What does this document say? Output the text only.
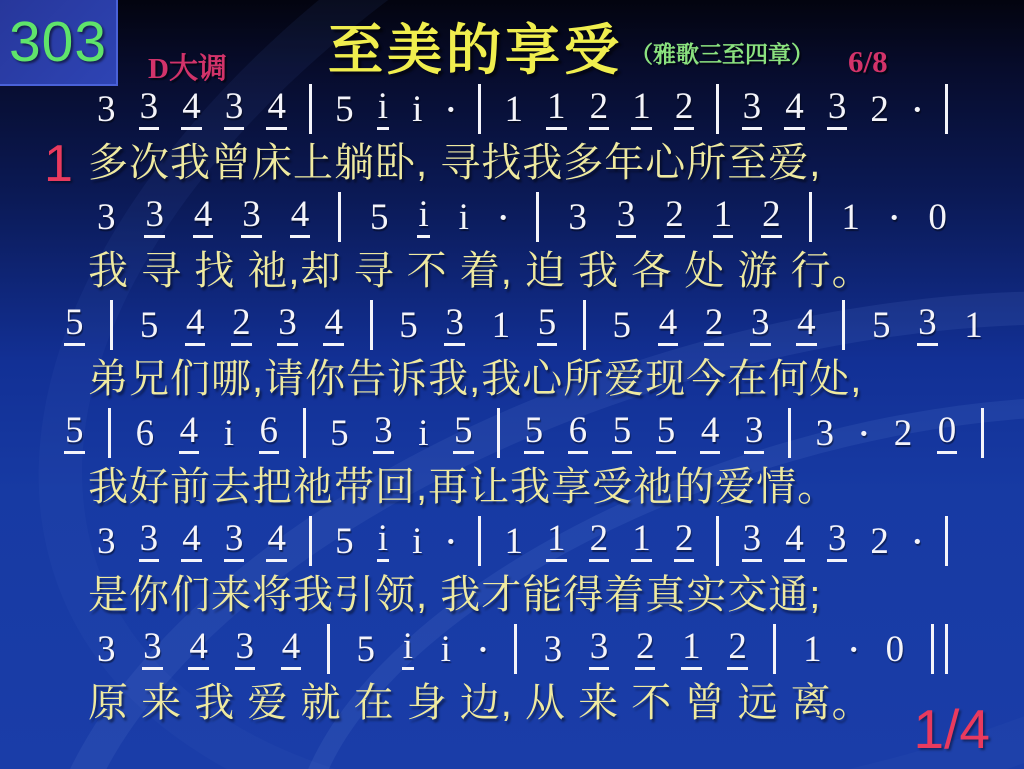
303 D大调 至美的享受 （雅歌三至四章） 6/8
1
3 3 4 3 4 5 i i · 1 1 2 1 2 3 4 3 2 ·
多次我曾床上躺卧, 寻找我多年心所至爱,
3 3 4 3 4 5 i i · 3 3 2 1 2 1 · 0
我 寻 找 祂,却 寻 不 着, 迫 我 各 处 游 行。
5 5 4 2 3 4 5 3 1 5 5 4 2 3 4 5 3 1
弟兄们哪,请你告诉我,我心所爱现今在何处,
5 6 4 i 6 5 3 i 5 5 6 5 5 4 3 3 · 2 0
我好前去把祂带回,再让我享受祂的爱情。
3 3 4 3 4 5 i i · 1 1 2 1 2 3 4 3 2 ·
是你们来将我引领, 我才能得着真实交通;
3 3 4 3 4 5 i i · 3 3 2 1 2 1 · 0
原 来 我 爱 就 在 身 边, 从 来 不 曾 远 离。 1/4
